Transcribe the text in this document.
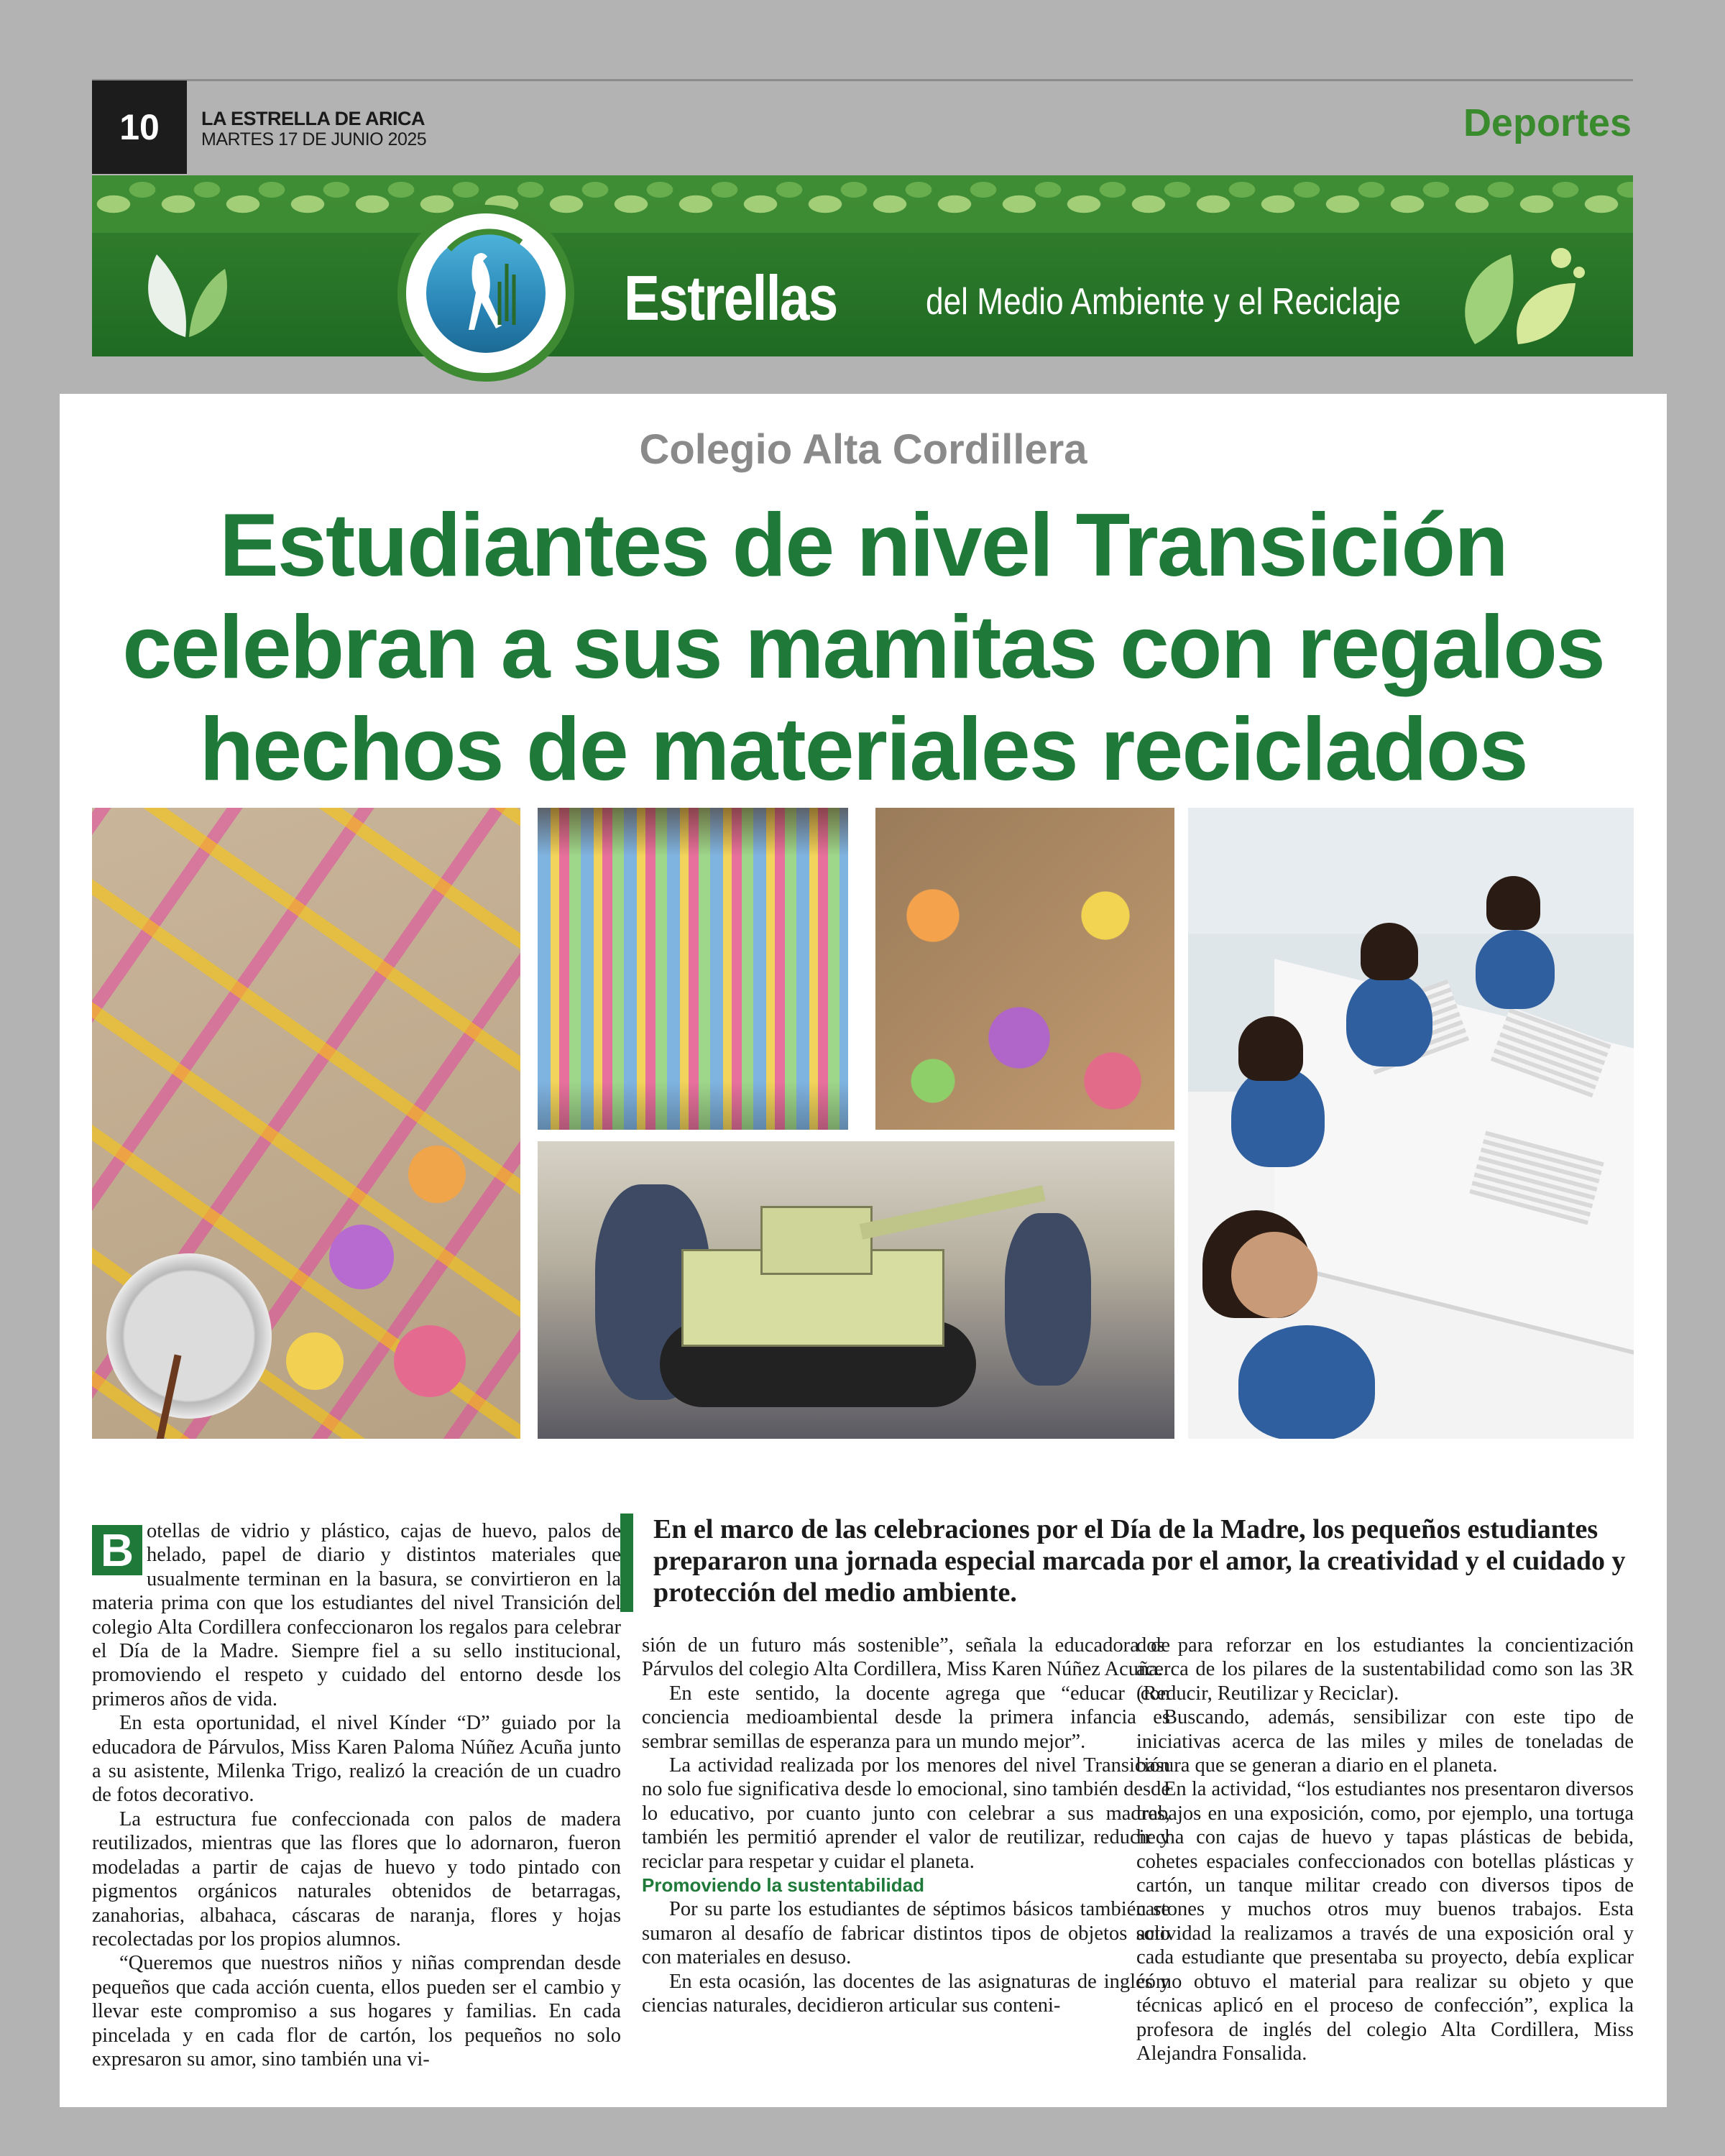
10	LA ESTRELLA DE ARICA
MARTES 17 DE JUNIO 2025	Deportes
Estrellas del Medio Ambiente y el Reciclaje
Colegio Alta Cordillera
Estudiantes de nivel Transición
celebran a sus mamitas con regalos
hechos de materiales reciclados
En el marco de las celebraciones por el Día de la Madre, los pequeños estudiantes prepararon una jornada especial marcada por el amor, la creatividad y el cuidado y protección del medio ambiente.

B otellas de vidrio y plástico, cajas de huevo, palos de helado, papel de diario y distintos materiales que usualmente terminan en la basura, se convirtieron en la materia prima con que los estudiantes del nivel Transición del colegio Alta Cordillera confeccionaron los regalos para celebrar el Día de la Madre. Siempre fiel a su sello institucional, promoviendo el respeto y cuidado del entorno desde los primeros años de vida.

En esta oportunidad, el nivel Kínder “D” guiado por la educadora de Párvulos, Miss Karen Paloma Núñez Acuña junto a su asistente, Milenka Trigo, realizó la creación de un cuadro de fotos decorativo.

La estructura fue confeccionada con palos de madera reutilizados, mientras que las flores que lo adornaron, fueron modeladas a partir de cajas de huevo y todo pintado con pigmentos orgánicos naturales obtenidos de betarragas, zanahorias, albahaca, cáscaras de naranja, flores y hojas recolectadas por los propios alumnos.

“Queremos que nuestros niños y niñas comprendan desde pequeños que cada acción cuenta, ellos pueden ser el cambio y llevar este compromiso a sus hogares y familias. En cada pincelada y en cada flor de cartón, los pequeños no solo expresaron su amor, sino también una vi-

sión de un futuro más sostenible”, señala la educadora de Párvulos del colegio Alta Cordillera, Miss Karen Núñez Acuña.

En este sentido, la docente agrega que “educar con conciencia medioambiental desde la primera infancia es sembrar semillas de esperanza para un mundo mejor”.

La actividad realizada por los menores del nivel Transición no solo fue significativa desde lo emocional, sino también desde lo educativo, por cuanto junto con celebrar a sus madres, también les permitió aprender el valor de reutilizar, reducir y reciclar para respetar y cuidar el planeta.

Promoviendo la sustentabilidad

Por su parte los estudiantes de séptimos básicos también se sumaron al desafío de fabricar distintos tipos de objetos solo con materiales en desuso.

En esta ocasión, las docentes de las asignaturas de inglés y ciencias naturales, decidieron articular sus conteni-

dos para reforzar en los estudiantes la concientización acerca de los pilares de la sustentabilidad como son las 3R (Reducir, Reutilizar y Reciclar).

Buscando, además, sensibilizar con este tipo de iniciativas acerca de las miles y miles de toneladas de basura que se generan a diario en el planeta.

En la actividad, “los estudiantes nos presentaron diversos trabajos en una exposición, como, por ejemplo, una tortuga hecha con cajas de huevo y tapas plásticas de bebida, cohetes espaciales confeccionados con botellas plásticas y cartón, un tanque militar creado con diversos tipos de cartones y muchos otros muy buenos trabajos. Esta actividad la realizamos a través de una exposición oral y cada estudiante que presentaba su proyecto, debía explicar cómo obtuvo el material para realizar su objeto y que técnicas aplicó en el proceso de confección”, explica la profesora de inglés del colegio Alta Cordillera, Miss Alejandra Fonsalida.
